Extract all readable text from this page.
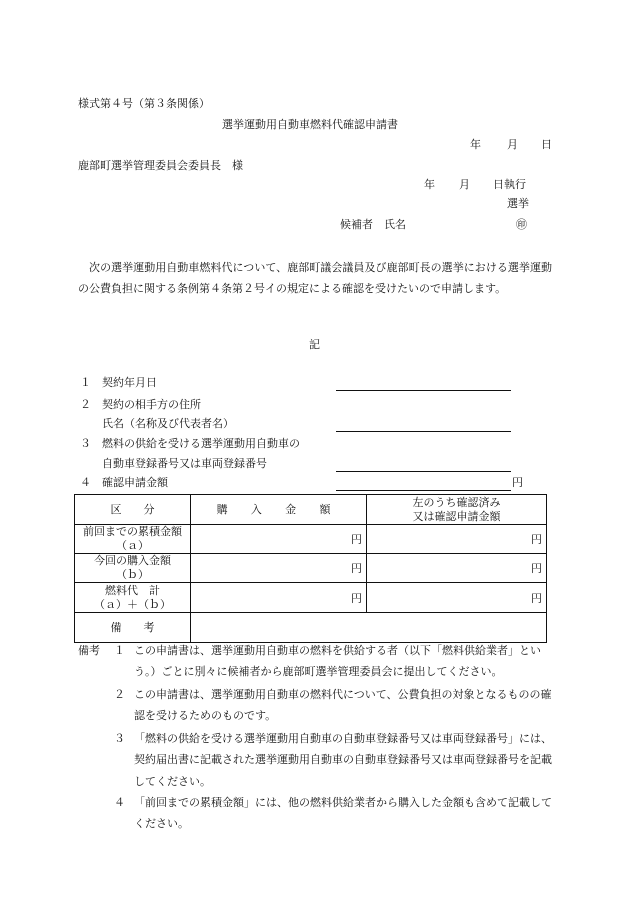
様式第４号（第３条関係）
選挙運動用自動車燃料代確認申請書
年 月 日
鹿部町選挙管理委員会委員長　様
年 月 日執行
選挙
候補者　氏名	㊞
　次の選挙運動用自動車燃料代について、鹿部町議会議員及び鹿部町長の選挙における選挙運動の公費負担に関する条例第４条第２号イの規定による確認を受けたいので申請します。
記
１ 契約年月日
２ 契約の相手方の住所
氏名（名称及び代表者名）
３ 燃料の供給を受ける選挙運動用自動車の
自動車登録番号又は車両登録番号
４ 確認申請金額	円
区　　分	購 入 金 額	左のうち確認済み
又は確認申請金額

前回までの累積金額
（ａ）	円	円

今回の購入金額
（ｂ）	円	円

燃料代　計
（ａ）＋（ｂ）	円	円
備　　考		
備考 １ この申請書は、選挙運動用自動車の燃料を供給する者（以下「燃料供給業者」という。）ごとに別々に候補者から鹿部町選挙管理委員会に提出してください。
２ この申請書は、選挙運動用自動車の燃料代について、公費負担の対象となるものの確認を受けるためのものです。
３ 「燃料の供給を受ける選挙運動用自動車の自動車登録番号又は車両登録番号」には、契約届出書に記載された選挙運動用自動車の自動車登録番号又は車両登録番号を記載してください。
４ 「前回までの累積金額」には、他の燃料供給業者から購入した金額も含めて記載してください。
